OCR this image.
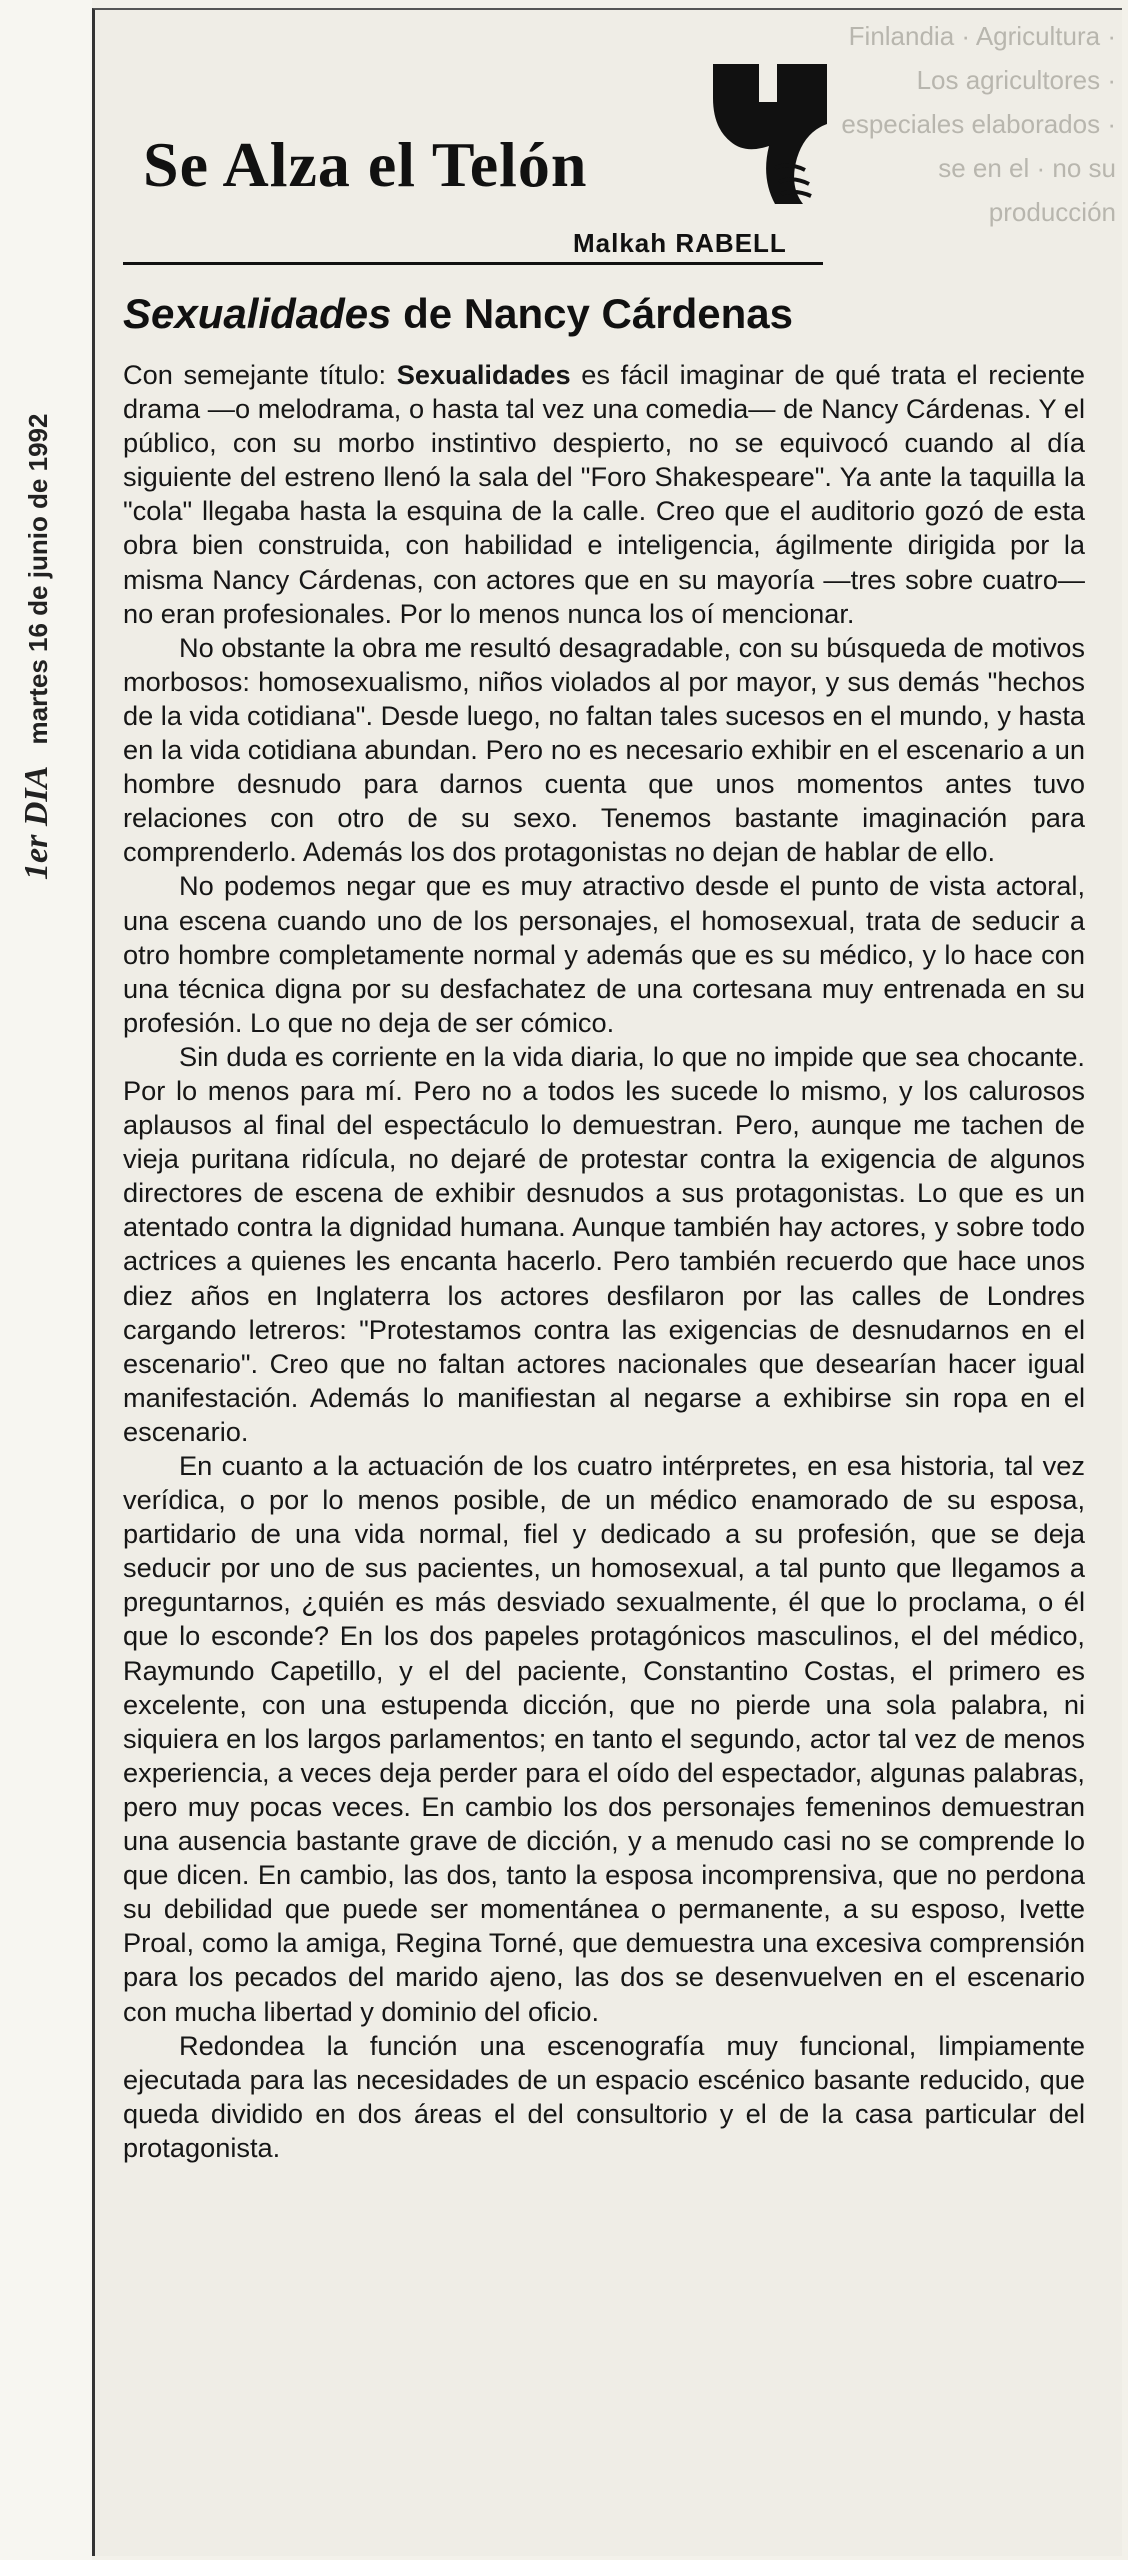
1er DIA martes 16 de junio de 1992
Finlandia · Agricultura · Los agricultores · especiales elaborados · se en el · no su producción
Se Alza el Telón
Malkah RABELL
Sexualidades de Nancy Cárdenas

Con semejante título: Sexualidades es fácil imaginar de qué trata el reciente drama —o melodrama, o hasta tal vez una comedia— de Nancy Cárdenas. Y el público, con su morbo instintivo despierto, no se equivocó cuando al día siguiente del estreno llenó la sala del "Foro Shakespeare". Ya ante la taquilla la "cola" llegaba hasta la esquina de la calle. Creo que el auditorio gozó de esta obra bien construida, con habilidad e inteligencia, ágilmente dirigida por la misma Nancy Cárdenas, con actores que en su mayoría —tres sobre cuatro— no eran profesionales. Por lo menos nunca los oí mencionar.

No obstante la obra me resultó desagradable, con su búsqueda de motivos morbosos: homosexualismo, niños violados al por mayor, y sus demás "hechos de la vida cotidiana". Desde luego, no faltan tales sucesos en el mundo, y hasta en la vida cotidiana abundan. Pero no es necesario exhibir en el escenario a un hombre desnudo para darnos cuenta que unos momentos antes tuvo relaciones con otro de su sexo. Tenemos bastante imaginación para comprenderlo. Además los dos protagonistas no dejan de hablar de ello.

No podemos negar que es muy atractivo desde el punto de vista actoral, una escena cuando uno de los personajes, el homosexual, trata de seducir a otro hombre completamente normal y además que es su médico, y lo hace con una técnica digna por su desfachatez de una cortesana muy entrenada en su profesión. Lo que no deja de ser cómico.

Sin duda es corriente en la vida diaria, lo que no impide que sea chocante. Por lo menos para mí. Pero no a todos les sucede lo mismo, y los calurosos aplausos al final del espectáculo lo demuestran. Pero, aunque me tachen de vieja puritana ridícula, no dejaré de protestar contra la exigencia de algunos directores de escena de exhibir desnudos a sus protagonistas. Lo que es un atentado contra la dignidad humana. Aunque también hay actores, y sobre todo actrices a quienes les encanta hacerlo. Pero también recuerdo que hace unos diez años en Inglaterra los actores desfilaron por las calles de Londres cargando letreros: "Protestamos contra las exigencias de desnudarnos en el escenario". Creo que no faltan actores nacionales que desearían hacer igual manifestación. Además lo manifiestan al negarse a exhibirse sin ropa en el escenario.

En cuanto a la actuación de los cuatro intérpretes, en esa historia, tal vez verídica, o por lo menos posible, de un médico enamorado de su esposa, partidario de una vida normal, fiel y dedicado a su profesión, que se deja seducir por uno de sus pacientes, un homosexual, a tal punto que llegamos a preguntarnos, ¿quién es más desviado sexualmente, él que lo proclama, o él que lo esconde? En los dos papeles protagónicos masculinos, el del médico, Raymundo Capetillo, y el del paciente, Constantino Costas, el primero es excelente, con una estupenda dicción, que no pierde una sola palabra, ni siquiera en los largos parlamentos; en tanto el segundo, actor tal vez de menos experiencia, a veces deja perder para el oído del espectador, algunas palabras, pero muy pocas veces. En cambio los dos personajes femeninos demuestran una ausencia bastante grave de dicción, y a menudo casi no se comprende lo que dicen. En cambio, las dos, tanto la esposa incomprensiva, que no perdona su debilidad que puede ser momentánea o permanente, a su esposo, Ivette Proal, como la amiga, Regina Torné, que demuestra una excesiva comprensión para los pecados del marido ajeno, las dos se desenvuelven en el escenario con mucha libertad y dominio del oficio.

Redondea la función una escenografía muy funcional, limpiamente ejecutada para las necesidades de un espacio escénico basante reducido, que queda dividido en dos áreas el del consultorio y el de la casa particular del protagonista.
